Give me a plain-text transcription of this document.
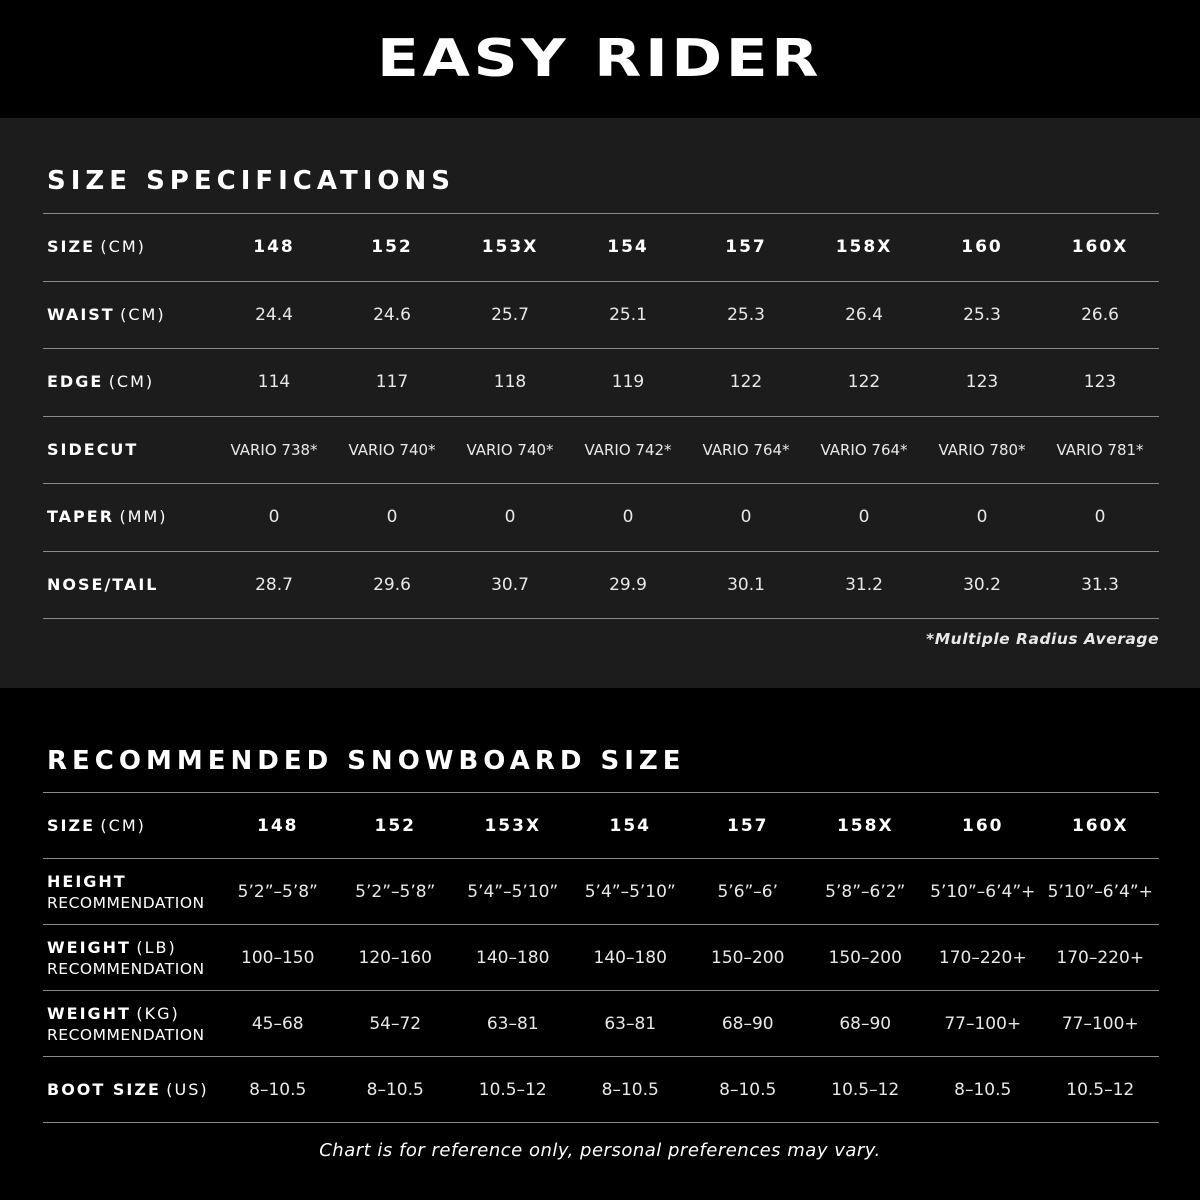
EASY RIDER
SIZE SPECIFICATIONS
SIZE (CM)	148	152	153X	154	157	158X	160	160X
WAIST (CM)	24.4	24.6	25.7	25.1	25.3	26.4	25.3	26.6
EDGE (CM)	114	117	118	119	122	122	123	123
SIDECUT	VARIO 738*	VARIO 740*	VARIO 740*	VARIO 742*	VARIO 764*	VARIO 764*	VARIO 780*	VARIO 781*
TAPER (MM)	0	0	0	0	0	0	0	0
NOSE/TAIL	28.7	29.6	30.7	29.9	30.1	31.2	30.2	31.3
*Multiple Radius Average
RECOMMENDED SNOWBOARD SIZE
SIZE (CM)	148	152	153X	154	157	158X	160	160X
HEIGHT
RECOMMENDATION	5’2”–5’8”	5’2”–5’8”	5’4”–5’10”	5’4”–5’10”	5’6”–6’	5’8”–6’2”	5’10”–6’4”+	5’10”–6’4”+
WEIGHT (LB)
RECOMMENDATION	100–150	120–160	140–180	140–180	150–200	150–200	170–220+	170–220+
WEIGHT (KG)
RECOMMENDATION	45–68	54–72	63–81	63–81	68–90	68–90	77–100+	77–100+
BOOT SIZE (US)	8–10.5	8–10.5	10.5–12	8–10.5	8–10.5	10.5–12	8–10.5	10.5–12
Chart is for reference only, personal preferences may vary.
